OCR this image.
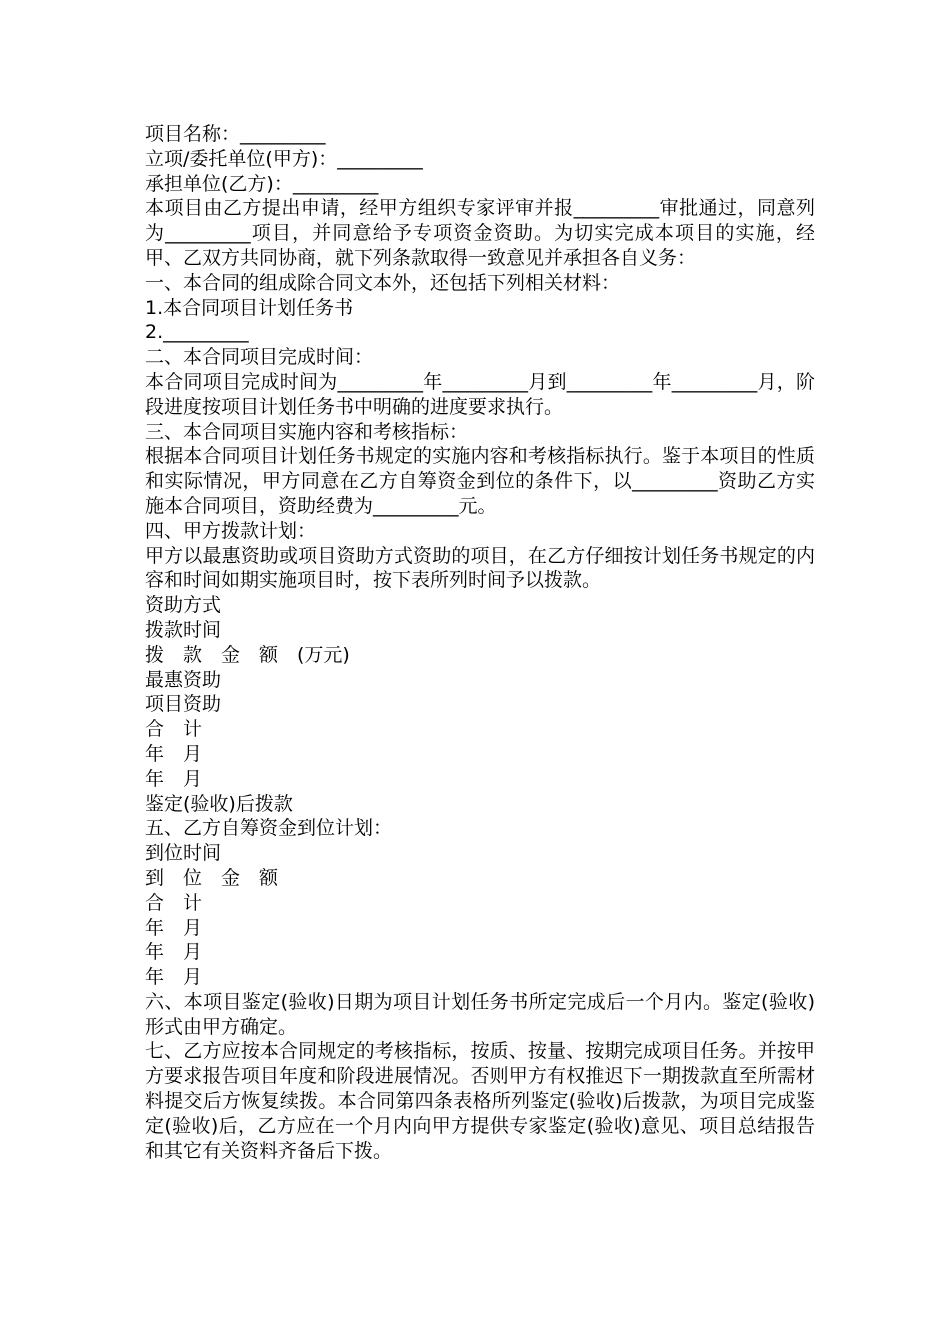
项目名称：_________

立项/委托单位(甲方)：_________

承担单位(乙方)：_________

本项目由乙方提出申请，经甲方组织专家评审并报_________审批通过，同意列为_________项目，并同意给予专项资金资助。为切实完成本项目的实施，经甲、乙双方共同协商，就下列条款取得一致意见并承担各自义务：

一、本合同的组成除合同文本外，还包括下列相关材料：

1.本合同项目计划任务书

2._________

二、本合同项目完成时间：

本合同项目完成时间为_________年_________月到_________年_________月，阶段进度按项目计划任务书中明确的进度要求执行。

三、本合同项目实施内容和考核指标：

根据本合同项目计划任务书规定的实施内容和考核指标执行。鉴于本项目的性质和实际情况，甲方同意在乙方自筹资金到位的条件下，以_________资助乙方实施本合同项目，资助经费为_________元。

四、甲方拨款计划：

甲方以最惠资助或项目资助方式资助的项目，在乙方仔细按计划任务书规定的内容和时间如期实施项目时，按下表所列时间予以拨款。

资助方式

拨款时间

拨　款　金　额　(万元)

最惠资助

项目资助

合　计

年　月

年　月

鉴定(验收)后拨款

五、乙方自筹资金到位计划：

到位时间

到　位　金　额

合　计

年　月

年　月

年　月

六、本项目鉴定(验收)日期为项目计划任务书所定完成后一个月内。鉴定(验收)形式由甲方确定。

七、乙方应按本合同规定的考核指标，按质、按量、按期完成项目任务。并按甲方要求报告项目年度和阶段进展情况。否则甲方有权推迟下一期拨款直至所需材料提交后方恢复续拨。本合同第四条表格所列鉴定(验收)后拨款，为项目完成鉴定(验收)后，乙方应在一个月内向甲方提供专家鉴定(验收)意见、项目总结报告和其它有关资料齐备后下拨。
